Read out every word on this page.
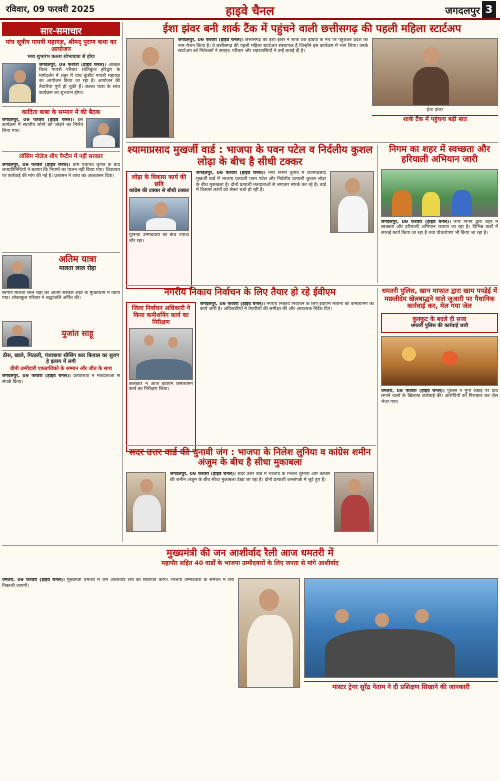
रविवार, 09 फरवरी 2025	हाइवे चैनल	जगदलपुर 3
सार-समाचार
पांच सूत्रीय गायत्री महायज्ञ, श्रीमद् पुराण कथा का आयोजन
भव्य शुभारंभ कलश शोभायात्रा से होगा
जगदलपुर, 09 फरवरी (हाइवे चैनल)। अखिल विश्व गायत्री परिवार शांतिकुंज हरिद्वार के मार्गदर्शन में शहर में पांच कुंडीय गायत्री महायज्ञ का आयोजन किया जा रहा है। आयोजन की तैयारियां पूर्ण हो चुकी हैं। कलश यात्रा के साथ कार्यक्रम का शुभारंभ होगा।
कादिता बाबा के सम्मान में की बैठक
जगदलपुर, 09 फरवरी (हाइवे चैनल)। इस कार्यक्रम में स्थानीय लोगों को जोड़ने का निर्णय लिया गया।
लॉसिंग नोलेज शीप पैप्टीन में नहीं सरकार
जगदलपुर, 09 फरवरी (हाइवे चैनल)। ग्राम पंचायत चुनाव के बाद जनप्रतिनिधियों ने बताया कि नियमों का पालन नहीं किया गया। शिकायत पर कार्रवाई की मांग की गई है। प्रशासन ने जांच का आश्वासन दिया।
अतिम यात्रा
मालता लाल रोहा
स्वर्गीय मालता लाल रोहा का अंतिम संस्कार शहर के मुक्तिधाम में किया गया। शोकाकुल परिवार ने श्रद्धांजलि अर्पित की।
युजांत साहू
ठीस, खाले, मिठाली, पंजाबाया सीसिंग कार कियाल का सुराग हे इलाम में लगी
ग्रीमी उम्मीदारी एकताजिको के सम्मान और जीत के साथ
जगदलपुर, 09 फरवरी (हाइवे चैनल)। प्रत्याशियों ने मतदाताओं से संपर्क किया।
ईशा झंवर बनी शार्क टैंक में पहुंचने वाली छत्तीसगढ़ की पहली महिला स्टार्टअप
जगदलपुर, 09 फरवरी (हाइवे चैनल)। छत्तीसगढ़ की ईशा झंवर ने शार्क टैंक इंडिया के मंच पर पहुंचकर प्रदेश का नाम रोशन किया है। वे छत्तीसगढ़ की पहली महिला स्टार्टअप संस्थापक हैं जिन्होंने इस कार्यक्रम में भाग लिया। उनके स्टार्टअप को निवेशकों ने सराहा। परिवार और शहरवासियों ने उन्हें बधाई दी है।
ईशा झंवर
शार्क टैंक में पहुंचना बड़ी बात
श्यामाप्रसाद मुखर्जी वार्ड : भाजपा के पवन पटेल व निर्दलीय कुशल लोढ़ा के बीच है सीधी टक्कर
लोढ़ा के विकास कार्य की छवि
कांग्रेस की टक्कर से सीधी टक्कर
युनिन्दा उम्मीदवारों की बीच ज्यादा शोर रहा।
जगदलपुर, 09 फरवरी (हाइवे चैनल)। नगर निगम चुनाव में श्यामाप्रसाद मुखर्जी वार्ड में भाजपा प्रत्याशी पवन पटेल और निर्दलीय प्रत्याशी कुशल लोढ़ा के बीच मुकाबला है। दोनों प्रत्याशी मतदाताओं से लगातार संपर्क कर रहे हैं। वार्ड में विकास कार्यों को लेकर चर्चा हो रही है।
निगम का शहर में स्वच्छता और हरियाली अभियान जारी
जगदलपुर, 09 फरवरी (हाइवे चैनल)। नगर निगम द्वारा शहर में स्वच्छता और हरियाली अभियान चलाया जा रहा है। विभिन्न वार्डों में सफाई कार्य किया जा रहा है तथा पौधारोपण भी किया जा रहा है।
नगरीय निकाय निर्वाचन के लिए तैयार हो रहे ईवीएम
जिला निर्वाचन अधिकारी ने किया कमीशनिंग कार्य का निरीक्षण
कलेक्टर ने आज ईवीएम कमीशनिंग कार्य का निरीक्षण किया।
जगदलपुर, 09 फरवरी (हाइवे चैनल)। नगरीय निकाय निर्वाचन के लिए ईवीएम मशीनों की कमीशनिंग का कार्य जारी है। अधिकारियों ने तैयारियों की समीक्षा की और आवश्यक निर्देश दिए।
धमतरी पुलिस, खान माफात द्वारा खाम पपड़ेई में मछलीदेय खेलबाद्धने वाले जुआरी पर पैधानिक कार्रवाई कर, मेल गया जेल
कुक्कुट के बदले दी सजा
धमतरी पुलिस की कार्रवाई जारी
धमतरी, 09 फरवरी (हाइवे चैनल)। पुलिस ने मुर्गा लड़ाई पर दांव लगाने वालों के खिलाफ कार्रवाई की। आरोपियों को गिरफ्तार कर जेल भेजा गया।
सदर उत्तर वार्ड की चुनावी जंग : भाजपा के निलेश लुनिया व कांग्रेस शमीन अंजुम के बीच है सीधा मुकाबला
मुख्यमंत्री की जन आशीर्वाद रैली आज धमतरी में
महापौर सहित 40 वार्डों के भाजपा उम्मीदवारों के लिए जनता से मांगे आशीर्वाद
जगदलपुर, 09 फरवरी (हाइवे चैनल)। सदर उत्तर वार्ड में भाजपा के निलेश लुनिया और कांग्रेस की शमीन अंजुम के बीच सीधा मुकाबला देखा जा रहा है। दोनों प्रत्याशी जनसंपर्क में जुटे हुए हैं।
धमतरी, 09 फरवरी (हाइवे चैनल)। मुख्यमंत्री धमतरी में जन आशीर्वाद रैली को संबोधित करेंगे। भाजपा उम्मीदवारों के समर्थन में रैली निकाली जाएगी।
मास्टर ट्रेनर सुरेंद्र नेताम ने दी प्रशिक्षण सिखाने की जानकारी
